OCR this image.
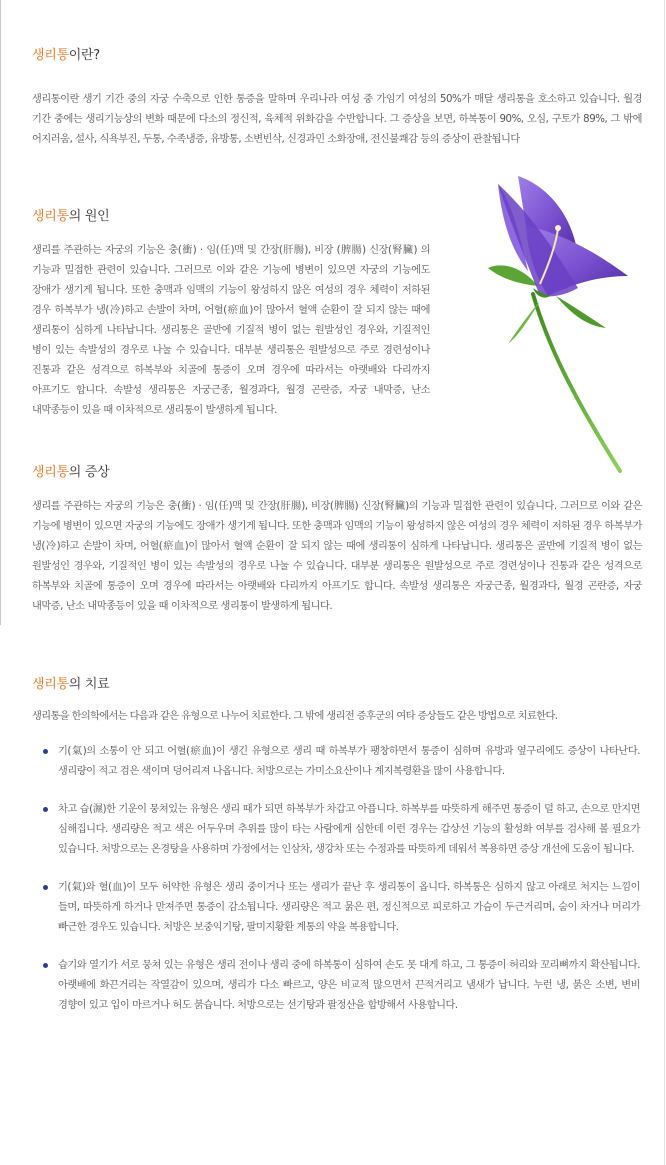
생리통이란?

생리통이란 생기 기간 중의 자궁 수축으로 인한 통증을 말하며 우리나라 여성 중 가임기 여성의 50%가 매달 생리통을 호소하고 있습니다. 월경 기간 중에는 생리기능상의 변화 때문에 다소의 정신적, 육체적 위화감을 수반합니다. 그 증상을 보면, 하복통이 90%, 오심, 구토가 89%, 그 밖에 어지러움, 설사, 식욕부진, 두통, 수족냉증, 유방통, 소변빈삭, 신경과민 소화장애, 전신불쾌감 등의 증상이 관찰됩니다

생리통의 원인

생리를 주관하는 자궁의 기능은 충(衝) · 임(任)맥 및 간장(肝腸), 비장 (脾腸) 신장(腎臟) 의 기능과 밀접한 관련이 있습니다. 그러므로 이와 같은 기능에 병변이 있으면 자궁의 기능에도 장애가 생기게 됩니다. 또한 충맥과 임맥의 기능이 왕성하지 않은 여성의 경우 체력이 저하된 경우 하복부가 냉(冷)하고 손발이 차며, 어혈(瘀血)이 많아서 혈액 순환이 잘 되지 않는 때에 생리통이 심하게 나타납니다. 생리통은 골반에 기질적 병이 없는 원발성인 경우와, 기질적인 병이 있는 속발성의 경우로 나눌 수 있습니다. 대부분 생리통은 원발성으로 주로 경련성이나 진통과 같은 성격으로 하복부와 치골에 통증이 오며 경우에 따라서는 아랫배와 다리까지 아프기도 합니다. 속발성 생리통은 자궁근종, 월경과다, 월경 곤란증, 자궁 내막증, 난소 내막종등이 있을 때 이차적으로 생리통이 발생하게 됩니다.

생리통의 증상

생리를 주관하는 자궁의 기능은 충(衝) · 임(任)맥 및 간장(肝腸), 비장(脾腸) 신장(腎臟)의 기능과 밀접한 관련이 있습니다. 그러므로 이와 같은 기능에 병변이 있으면 자궁의 기능에도 장애가 생기게 됩니다. 또한 충맥과 임맥의 기능이 왕성하지 않은 여성의 경우 체력이 저하된 경우 하복부가 냉(冷)하고 손발이 차며, 어혈(瘀血)이 많아서 혈액 순환이 잘 되지 않는 때에 생리통이 심하게 나타납니다. 생리통은 골반에 기질적 병이 없는 원발성인 경우와, 기질적인 병이 있는 속발성의 경우로 나눌 수 있습니다. 대부분 생리통은 원발성으로 주로 경련성이나 진통과 같은 성격으로 하복부와 치골에 통증이 오며 경우에 따라서는 아랫배와 다리까지 아프기도 합니다. 속발성 생리통은 자궁근종, 월경과다, 월경 곤란증, 자궁 내막증, 난소 내막종등이 있을 때 이차적으로 생리통이 발생하게 됩니다.

생리통의 치료

생리통을 한의학에서는 다음과 같은 유형으로 나누어 치료한다. 그 밖에 생리전 증후군의 여타 증상들도 같은 방법으로 치료한다.

기(氣)의 소통이 안 되고 어혈(瘀血)이 생긴 유형으로 생리 때 하복부가 팽창하면서 통증이 심하며 유방과 옆구리에도 증상이 나타난다. 생리량이 적고 검은 색이며 덩어리져 나옵니다. 처방으로는 가미소요산이나 계지복령환을 많이 사용합니다.
차고 습(濕)한 기운이 뭉쳐있는 유형은 생리 때가 되면 하복부가 차갑고 아픕니다. 하복부를 따뜻하게 해주면 통증이 덜 하고, 손으로 만지면 심해집니다. 생리량은 적고 색은 어두우며 추위를 많이 타는 사람에게 심한데 이런 경우는 갑상선 기능의 활성화 여부를 검사해 볼 필요가 있습니다. 처방으로는 온경탕을 사용하며 가정에서는 인삼차, 생강차 또는 수정과를 따뜻하게 데워서 복용하면 증상 개선에 도움이 됩니다.
기(氣)와 혈(血)이 모두 허약한 유형은 생리 중이거나 또는 생리가 끝난 후 생리통이 옵니다. 하복통은 심하지 않고 아래로 처지는 느낌이 들며, 따뜻하게 하거나 만져주면 통증이 감소됩니다. 생리량은 적고 묽은 편, 정신적으로 피로하고 가슴이 두근거리며, 숨이 차거나 머리가 빠근한 경우도 있습니다. 처방은 보중익기탕, 팔미지황환 계통의 약을 복용합니다.
습기와 열기가 서로 뭉쳐 있는 유형은 생리 전이나 생리 중에 하복통이 심하여 손도 못 대게 하고, 그 통증이 허리와 꼬리뼈까지 확산됩니다. 아랫배에 화끈거리는 작열감이 있으며, 생리가 다소 빠르고, 양은 비교적 많으면서 끈적거리고 냄새가 납니다. 누런 냉, 붉은 소변, 변비 경향이 있고 입이 마르거나 허도 붉습니다. 처방으로는 선기탕과 팔정산을 합방해서 사용합니다.
